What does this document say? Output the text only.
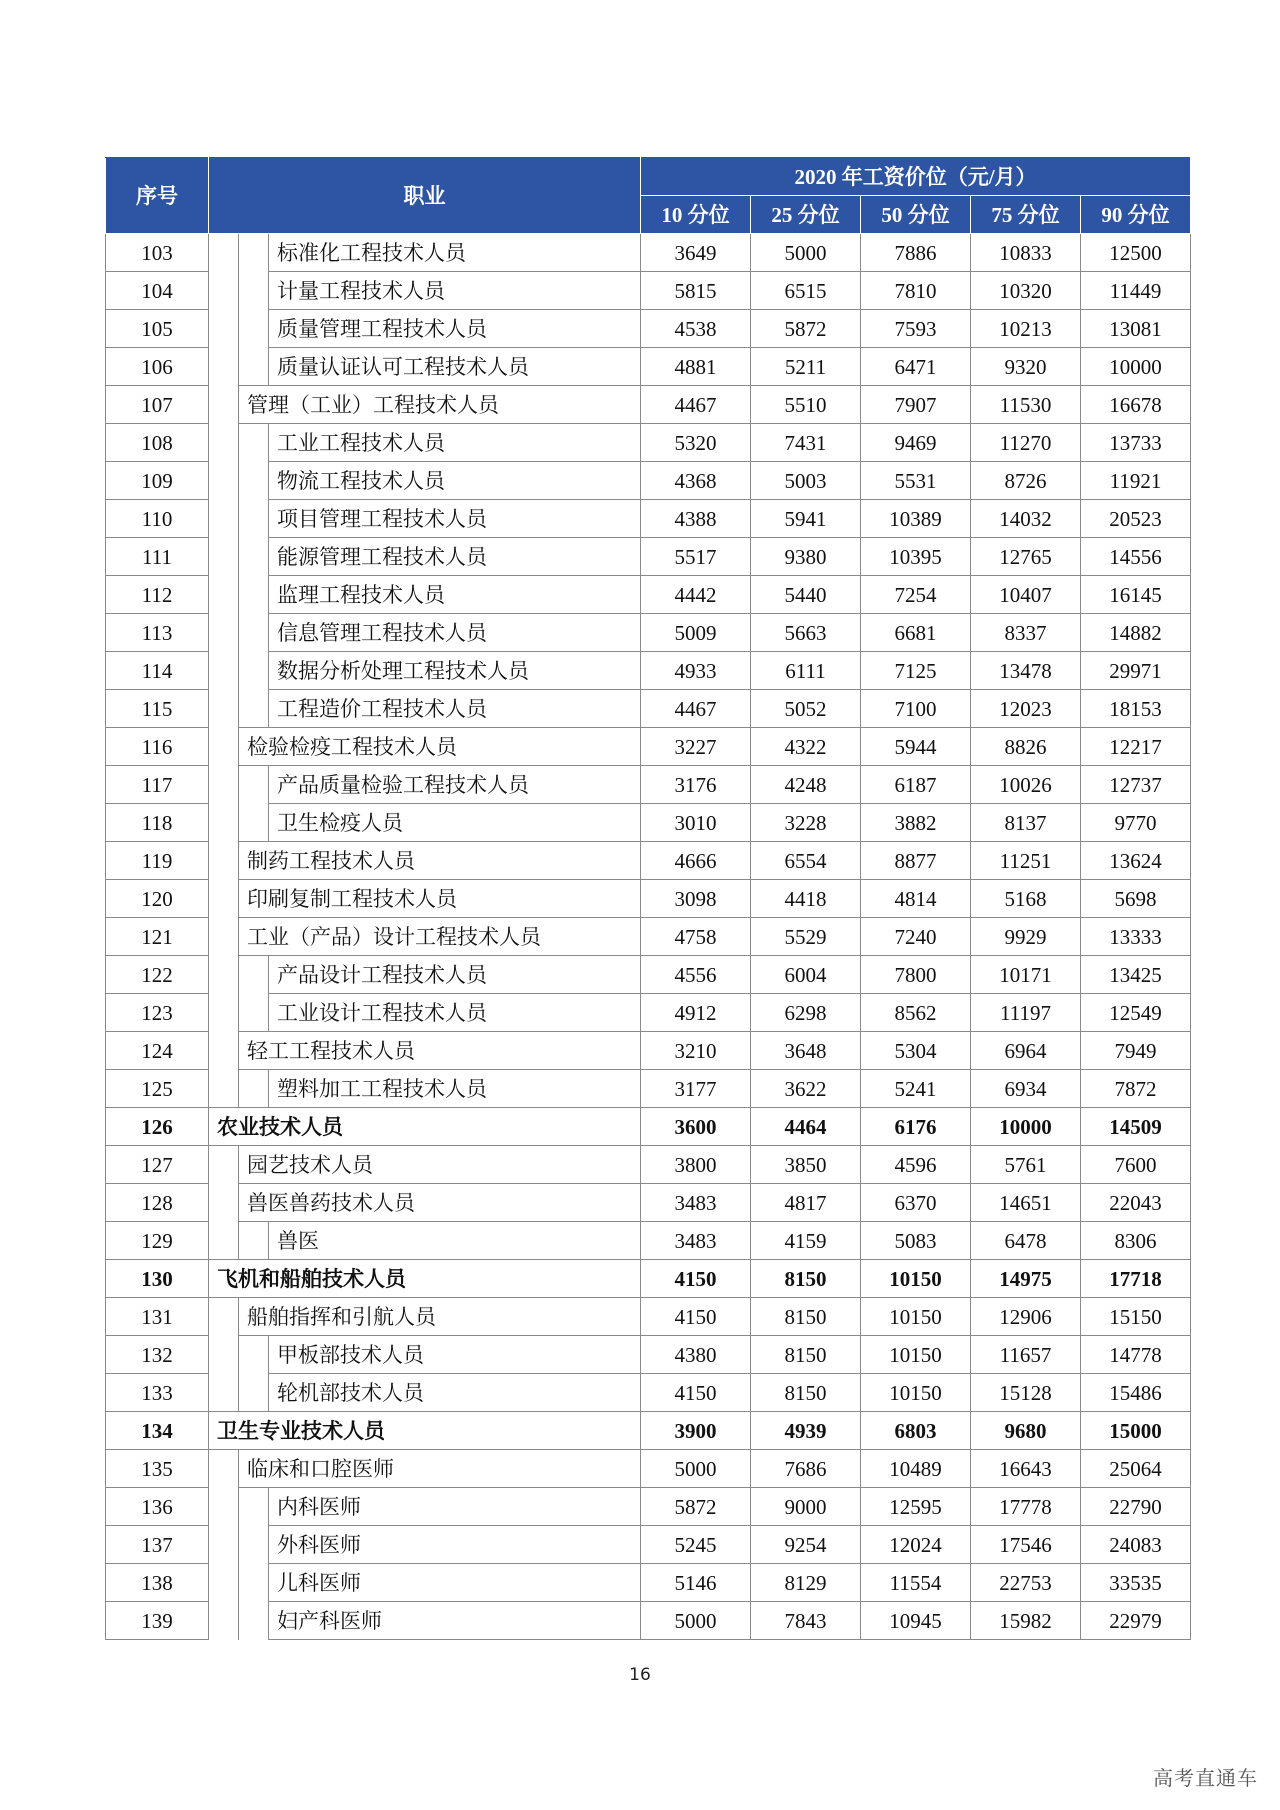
序号	职业			2020 年工资价位（元/月）				
				10 分位	25 分位	50 分位	75 分位	90 分位
103			标准化工程技术人员	3649	5000	7886	10833	12500
104			计量工程技术人员	5815	6515	7810	10320	11449
105			质量管理工程技术人员	4538	5872	7593	10213	13081
106			质量认证认可工程技术人员	4881	5211	6471	9320	10000
107		管理（工业）工程技术人员		4467	5510	7907	11530	16678
108			工业工程技术人员	5320	7431	9469	11270	13733
109			物流工程技术人员	4368	5003	5531	8726	11921
110			项目管理工程技术人员	4388	5941	10389	14032	20523
111			能源管理工程技术人员	5517	9380	10395	12765	14556
112			监理工程技术人员	4442	5440	7254	10407	16145
113			信息管理工程技术人员	5009	5663	6681	8337	14882
114			数据分析处理工程技术人员	4933	6111	7125	13478	29971
115			工程造价工程技术人员	4467	5052	7100	12023	18153
116		检验检疫工程技术人员		3227	4322	5944	8826	12217
117			产品质量检验工程技术人员	3176	4248	6187	10026	12737
118			卫生检疫人员	3010	3228	3882	8137	9770
119		制药工程技术人员		4666	6554	8877	11251	13624
120		印刷复制工程技术人员		3098	4418	4814	5168	5698
121		工业（产品）设计工程技术人员		4758	5529	7240	9929	13333
122			产品设计工程技术人员	4556	6004	7800	10171	13425
123			工业设计工程技术人员	4912	6298	8562	11197	12549
124		轻工工程技术人员		3210	3648	5304	6964	7949
125			塑料加工工程技术人员	3177	3622	5241	6934	7872
126	农业技术人员			3600	4464	6176	10000	14509
127		园艺技术人员		3800	3850	4596	5761	7600
128		兽医兽药技术人员		3483	4817	6370	14651	22043
129			兽医	3483	4159	5083	6478	8306
130	飞机和船舶技术人员			4150	8150	10150	14975	17718
131		船舶指挥和引航人员		4150	8150	10150	12906	15150
132			甲板部技术人员	4380	8150	10150	11657	14778
133			轮机部技术人员	4150	8150	10150	15128	15486
134	卫生专业技术人员			3900	4939	6803	9680	15000
135		临床和口腔医师		5000	7686	10489	16643	25064
136			内科医师	5872	9000	12595	17778	22790
137			外科医师	5245	9254	12024	17546	24083
138			儿科医师	5146	8129	11554	22753	33535
139			妇产科医师	5000	7843	10945	15982	22979
16
高考直通车
